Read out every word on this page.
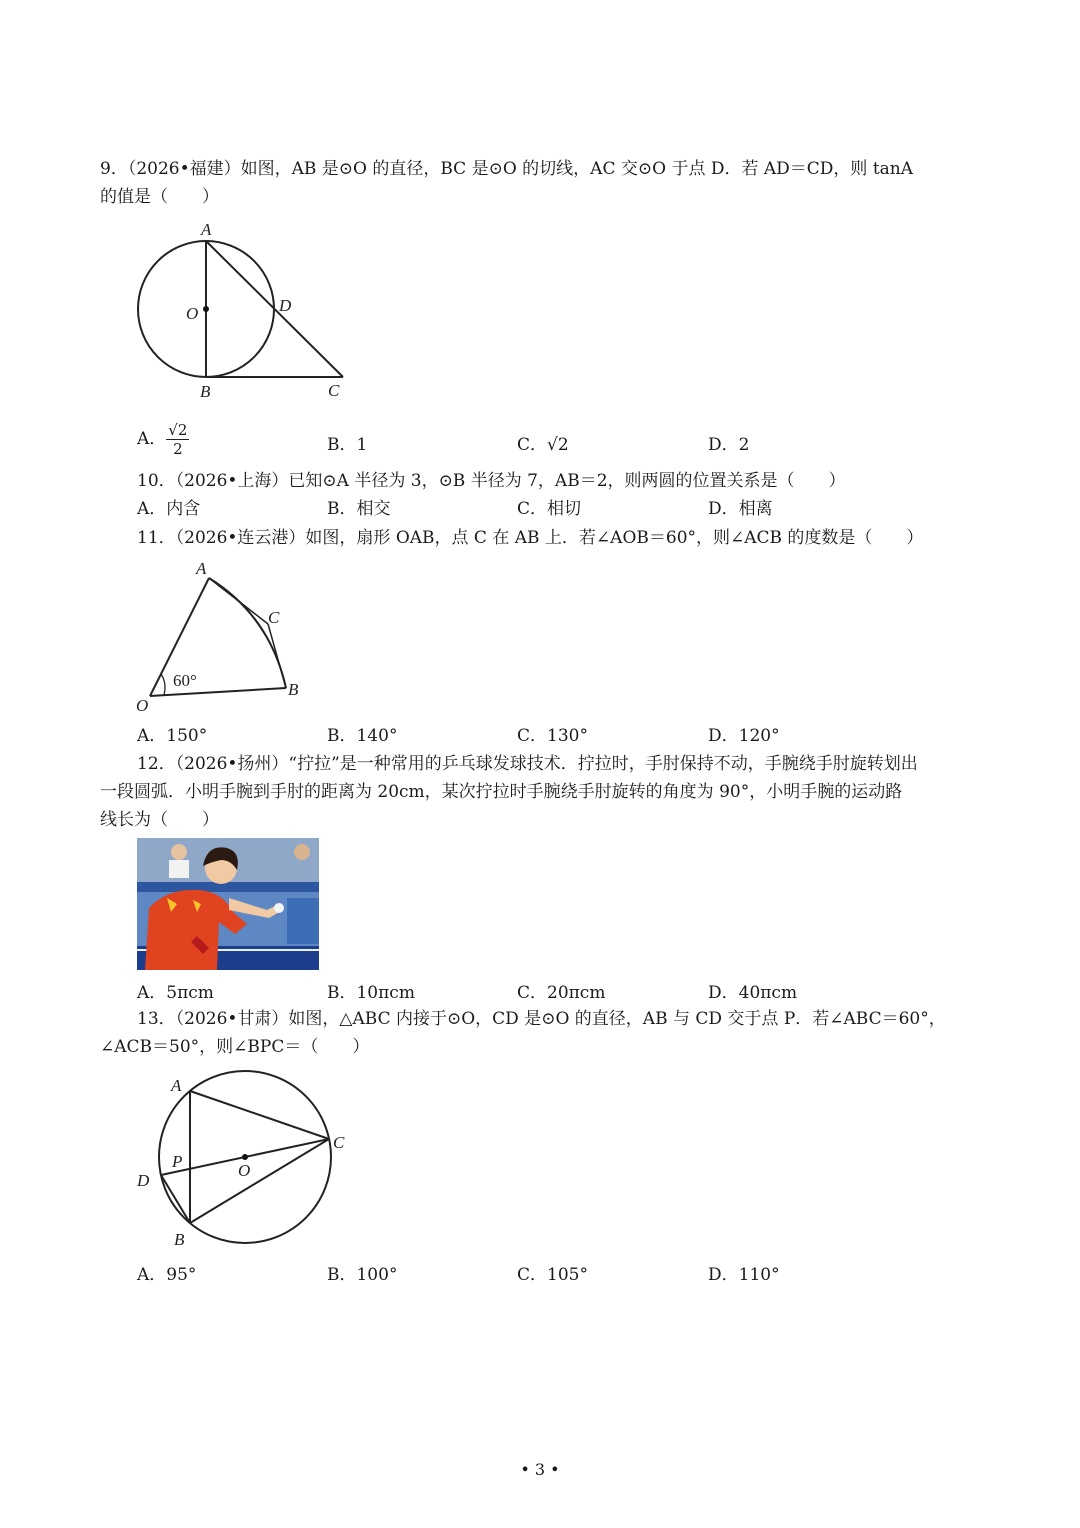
9．（2026•福建）如图，AB 是⊙O 的直径，BC 是⊙O 的切线，AC 交⊙O 于点 D．若 AD＝CD，则 tanA
的值是（　　）
A
O	D
B	C
A． $\frac{√2}{2}$	B．1	C．√2	D．2
10．（2026•上海）已知⊙A 半径为 3，⊙B 半径为 7，AB＝2，则两圆的位置关系是（　　）
A．内含	B．相交	C．相切	D．相离
11．（2026•连云港）如图，扇形 OAB，点 C 在 AB 上．若∠AOB＝60°，则∠ACB 的度数是（　　）
A
C
60°
O
B
A．150°	B．140°	C．130°	D．120°
12．（2026•扬州）“拧拉”是一种常用的乒乓球发球技术．拧拉时，手肘保持不动，手腕绕手肘旋转划出
一段圆弧．小明手腕到手肘的距离为 20cm，某次拧拉时手腕绕手肘旋转的角度为 90°，小明手腕的运动路
线长为（　　）
A．5πcm	B．10πcm	C．20πcm	D．40πcm
13．（2026•甘肃）如图，△ABC 内接于⊙O，CD 是⊙O 的直径，AB 与 CD 交于点 P．若∠ABC＝60°，
∠ACB＝50°，则∠BPC＝（　　）
A
C
P	O
D
B
A．95°	B．100°	C．105°	D．110°
• 3 •
